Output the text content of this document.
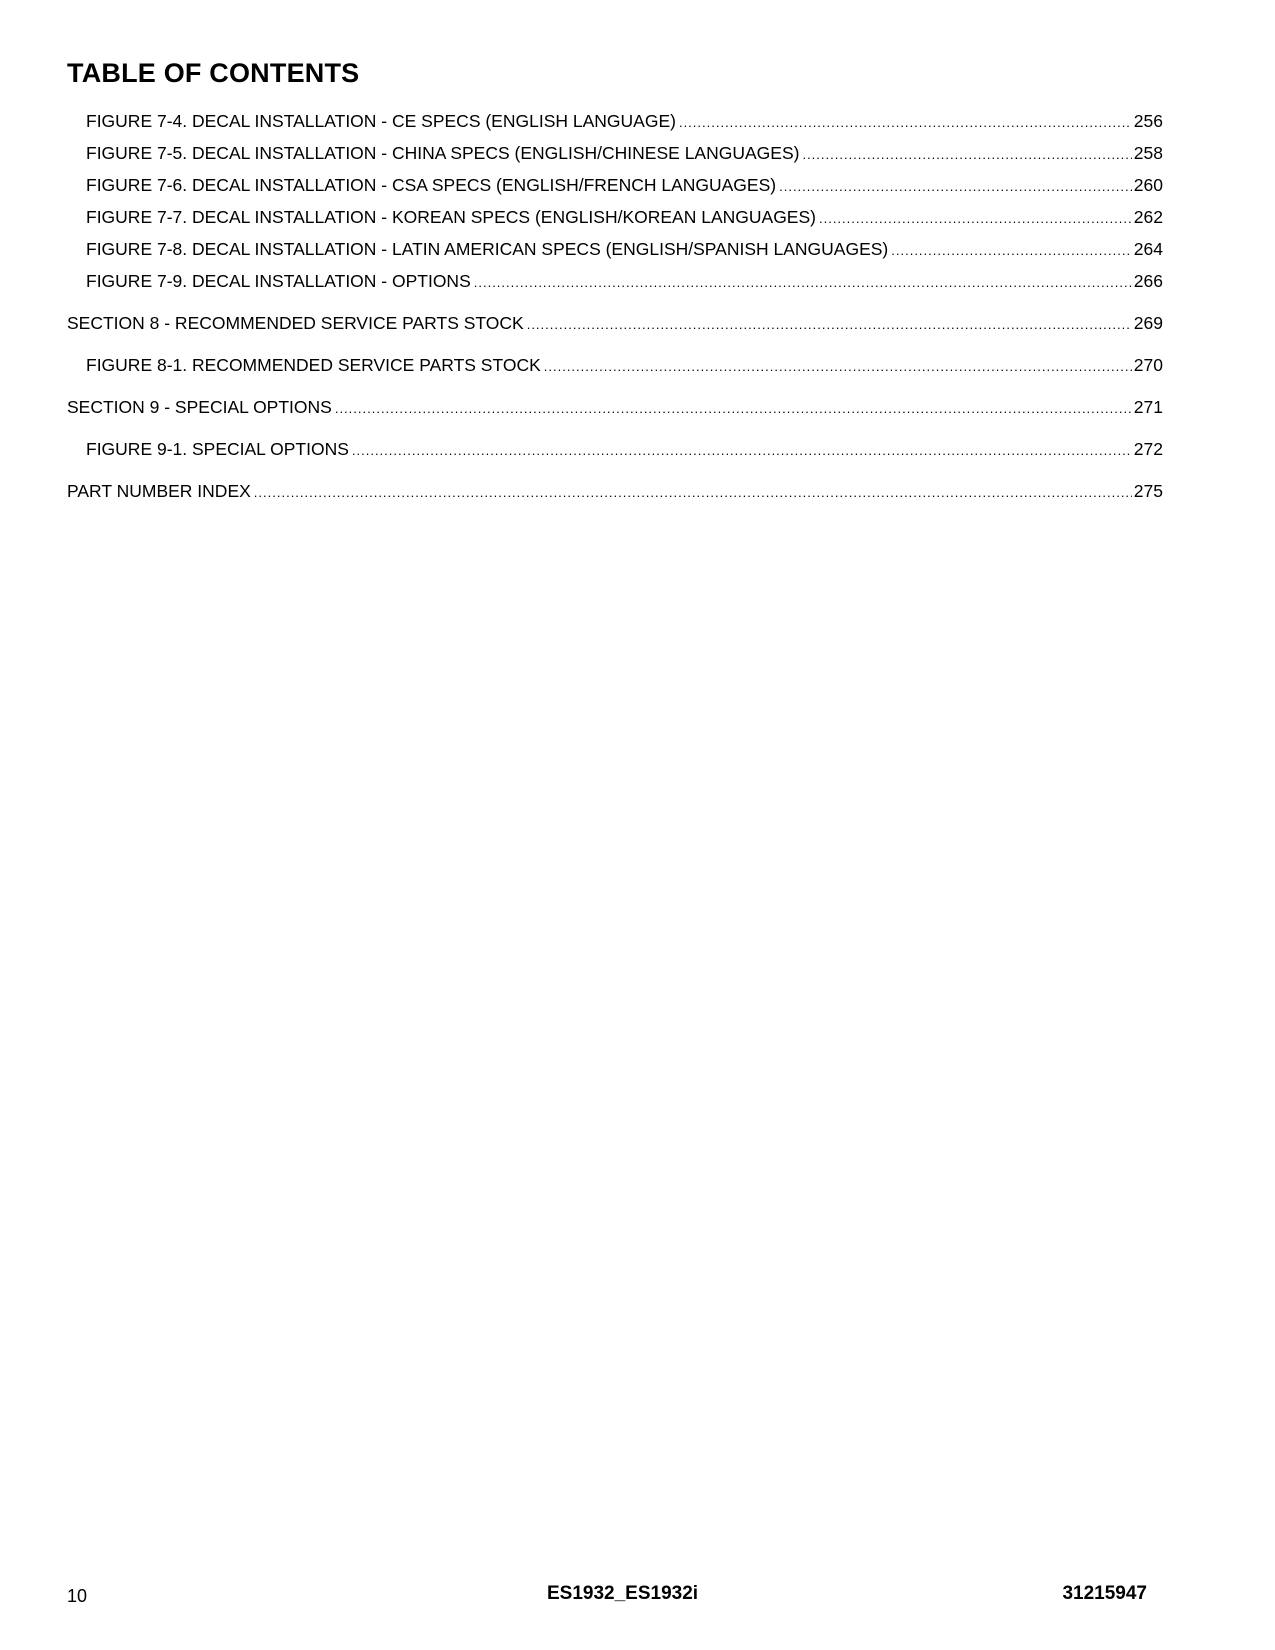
TABLE OF CONTENTS
FIGURE 7-4. DECAL INSTALLATION - CE SPECS (ENGLISH LANGUAGE) .....	256
FIGURE 7-5. DECAL INSTALLATION - CHINA SPECS (ENGLISH/CHINESE LANGUAGES) .....	258
FIGURE 7-6. DECAL INSTALLATION - CSA SPECS (ENGLISH/FRENCH LANGUAGES) .....	260
FIGURE 7-7. DECAL INSTALLATION - KOREAN SPECS (ENGLISH/KOREAN LANGUAGES) .....	262
FIGURE 7-8. DECAL INSTALLATION - LATIN AMERICAN SPECS (ENGLISH/SPANISH LANGUAGES) .....	264
FIGURE 7-9. DECAL INSTALLATION - OPTIONS .....	266
SECTION 8 - RECOMMENDED SERVICE PARTS STOCK .....	269
FIGURE 8-1. RECOMMENDED SERVICE PARTS STOCK .....	270
SECTION 9 - SPECIAL OPTIONS .....	271
FIGURE 9-1. SPECIAL OPTIONS .....	272
PART NUMBER INDEX .....	275
10	ES1932_ES1932i	31215947
